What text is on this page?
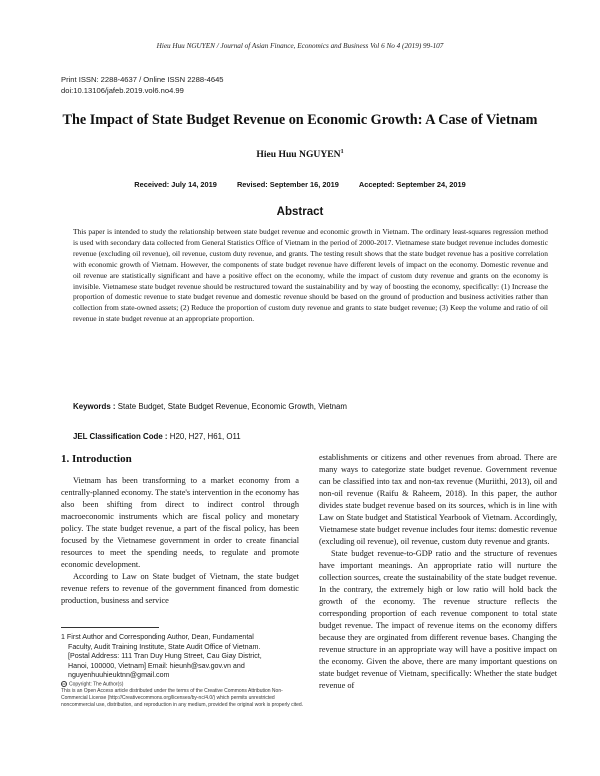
Hieu Huu NGUYEN / Journal of Asian Finance, Economics and Business Vol 6 No 4 (2019) 99-107
Print ISSN: 2288-4637 / Online ISSN 2288-4645
doi:10.13106/jafeb.2019.vol6.no4.99
The Impact of State Budget Revenue on Economic Growth: A Case of Vietnam
Hieu Huu NGUYEN$^1$
Received: July 14, 2019	Revised: September 16, 2019	Accepted: September 24, 2019
Abstract

This paper is intended to study the relationship between state budget revenue and economic growth in Vietnam. The ordinary least-squares regression method is used with secondary data collected from General Statistics Office of Vietnam in the period of 2000-2017. Vietnamese state budget revenue includes domestic revenue (excluding oil revenue), oil revenue, custom duty revenue, and grants. The testing result shows that the state budget revenue has a positive correlation with economic growth of Vietnam. However, the components of state budget revenue have different levels of impact on the economy. Domestic revenue and oil revenue are statistically significant and have a positive effect on the economy, while the impact of custom duty revenue and grants on the economy is invisible. Vietnamese state budget revenue should be restructured toward the sustainability and by way of boosting the economy, specifically: (1) Increase the proportion of domestic revenue to state budget revenue and domestic revenue should be based on the ground of production and business activities rather than collection from state-owned assets; (2) Reduce the proportion of custom duty revenue and grants to state budget revenue; (3) Keep the volume and ratio of oil revenue in state budget revenue at an appropriate proportion.

Keywords : State Budget, State Budget Revenue, Economic Growth, Vietnam
JEL Classification Code : H20, H27, H61, O11
1. Introduction

Vietnam has been transforming to a market economy from a centrally-planned economy. The state's intervention in the economy has also been shifting from direct to indirect control through macroeconomic instruments which are fiscal policy and monetary policy. The state budget revenue, a part of the fiscal policy, has been focused by the Vietnamese government in order to create financial resources to meet the spending needs, to regulate and promote economic development.

According to Law on State budget of Vietnam, the state budget revenue refers to revenue of the government financed from domestic production, business and service

establishments or citizens and other revenues from abroad. There are many ways to categorize state budget revenue. Government revenue can be classified into tax and non-tax revenue (Muriithi, 2013), oil and non-oil revenue (Raifu & Raheem, 2018). In this paper, the author divides state budget revenue based on its sources, which is in line with Law on State budget and Statistical Yearbook of Vietnam. Accordingly, Vietnamese state budget revenue includes four items: domestic revenue (excluding oil revenue), oil revenue, custom duty revenue and grants.

State budget revenue-to-GDP ratio and the structure of revenues have important meanings. An appropriate ratio will nurture the collection sources, create the sustainability of the state budget revenue. In the contrary, the extremely high or low ratio will hold back the growth of the economy. The revenue structure reflects the corresponding proportion of each revenue component to total state budget revenue. The impact of revenue items on the economy differs because they are orginated from different revenue bases. Changing the revenue structure in an appropriate way will have a positive impact on the economy. Given the above, there are many important questions on state budget revenue of Vietnam, specifically: Whether the state budget revenue of

1 First Author and Corresponding Author, Dean, Fundamental
Faculty, Audit Training Institute, State Audit Office of Vietnam.
[Postal Address: 111 Tran Duy Hung Street, Cau Giay District,
Hanoi, 100000, Vietnam] Email: hieunh@sav.gov.vn and
nguyenhuuhieuktnn@gmail.com
cc Copyright: The Author(s)
This is an Open Access article distributed under the terms of the Creative Commons Attribution Non-Commercial License (http://Creativecommons.org/licenses/by-nc/4.0/) which permits unrestricted noncommercial use, distribution, and reproduction in any medium, provided the original work is properly cited.
